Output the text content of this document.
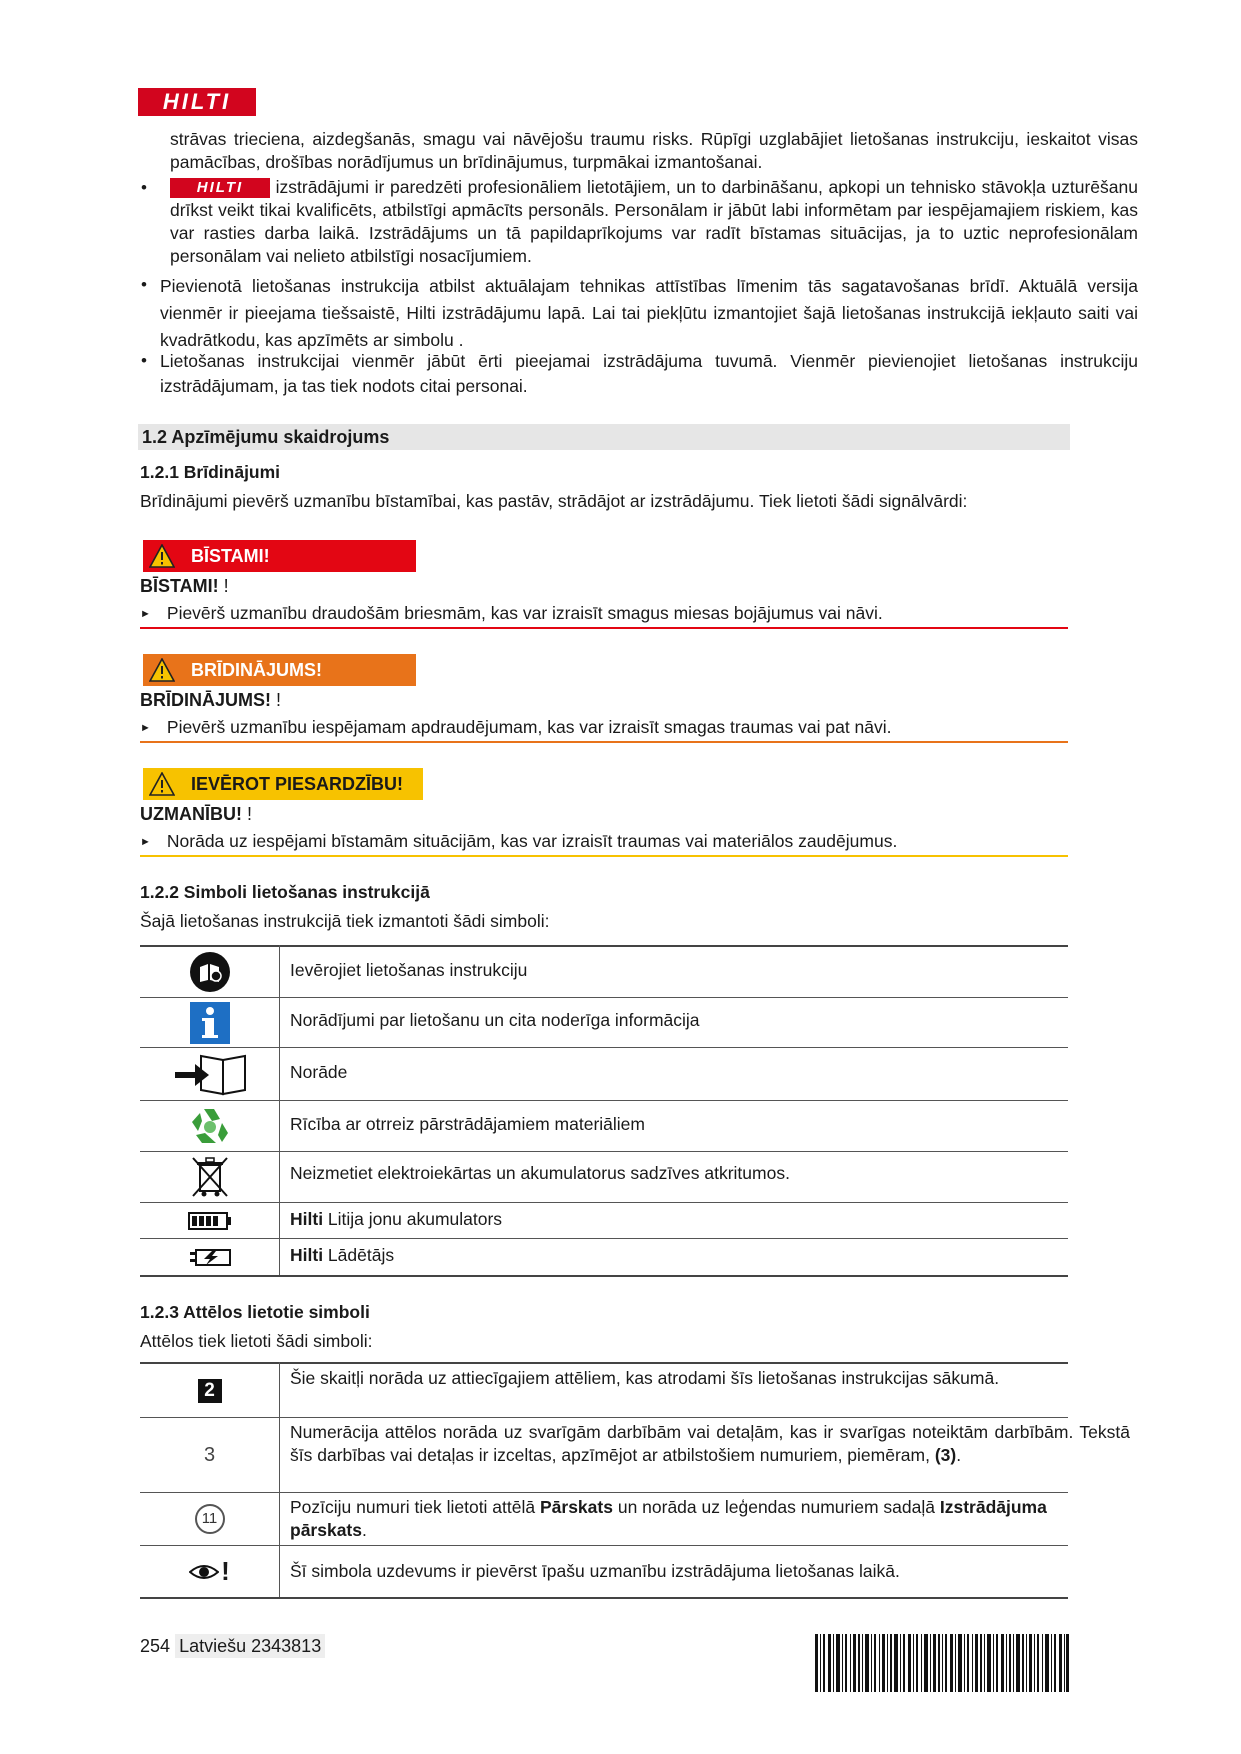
HILTI
strāvas trieciena, aizdegšanās, smagu vai nāvējošu traumu risks. Rūpīgi uzglabājiet lietošanas instrukciju, ieskaitot visas pamācības, drošības norādījumus un brīdinājumus, turpmākai izmantošanai.
•	HILTI izstrādājumi ir paredzēti profesionāliem lietotājiem, un to darbināšanu, apkopi un tehnisko stāvokļa uzturēšanu drīkst veikt tikai kvalificēts, atbilstīgi apmācīts personāls. Personālam ir jābūt labi informētam par iespējamajiem riskiem, kas var rasties darba laikā. Izstrādājums un tā papildaprīkojums var radīt bīstamas situācijas, ja to uztic neprofesionālam personālam vai nelieto atbilstīgi nosacījumiem.
• Pievienotā lietošanas instrukcija atbilst aktuālajam tehnikas attīstības līmenim tās sagatavošanas brīdī. Aktuālā versija vienmēr ir pieejama tiešsaistē, Hilti izstrādājumu lapā. Lai tai piekļūtu izmantojiet šajā lietošanas instrukcijā iekļauto saiti vai kvadrātkodu, kas apzīmēts ar simbolu .
• Lietošanas instrukcijai vienmēr jābūt ērti pieejamai izstrādājuma tuvumā. Vienmēr pievienojiet lietošanas instrukciju izstrādājumam, ja tas tiek nodots citai personai.
1.2 Apzīmējumu skaidrojums
1.2.1 Brīdinājumi
Brīdinājumi pievērš uzmanību bīstamībai, kas pastāv, strādājot ar izstrādājumu. Tiek lietoti šādi signālvārdi:
BĪSTAMI!
BĪSTAMI! !
► Pievērš uzmanību draudošām briesmām, kas var izraisīt smagus miesas bojājumus vai nāvi.
BRĪDINĀJUMS!
BRĪDINĀJUMS! !
► Pievērš uzmanību iespējamam apdraudējumam, kas var izraisīt smagas traumas vai pat nāvi.
IEVĒROT PIESARDZĪBU!
UZMANĪBU! !
► Norāda uz iespējami bīstamām situācijām, kas var izraisīt traumas vai materiālos zaudējumus.
1.2.2 Simboli lietošanas instrukcijā
Šajā lietošanas instrukcijā tiek izmantoti šādi simboli:
Ievērojiet lietošanas instrukciju
Norādījumi par lietošanu un cita noderīga informācija
Norāde
Rīcība ar otrreiz pārstrādājamiem materiāliem
Neizmetiet elektroiekārtas un akumulatorus sadzīves atkritumos.
Hilti Litija jonu akumulators
Hilti Lādētājs
1.2.3 Attēlos lietotie simboli
Attēlos tiek lietoti šādi simboli:
2
Šie skaitļi norāda uz attiecīgajiem attēliem, kas atrodami šīs lietošanas instrukcijas sākumā.
3
Numerācija attēlos norāda uz svarīgām darbībām vai detaļām, kas ir svarīgas noteiktām darbībām. Tekstā šīs darbības vai detaļas ir izceltas, apzīmējot ar atbilstošiem numuriem, piemēram, (3).
11
Pozīciju numuri tiek lietoti attēlā Pārskats un norāda uz leģendas numuriem sadaļā Izstrādājuma pārskats.
!	Šī simbola uzdevums ir pievērst īpašu uzmanību izstrādājuma lietošanas laikā.
254 Latviešu 2343813
